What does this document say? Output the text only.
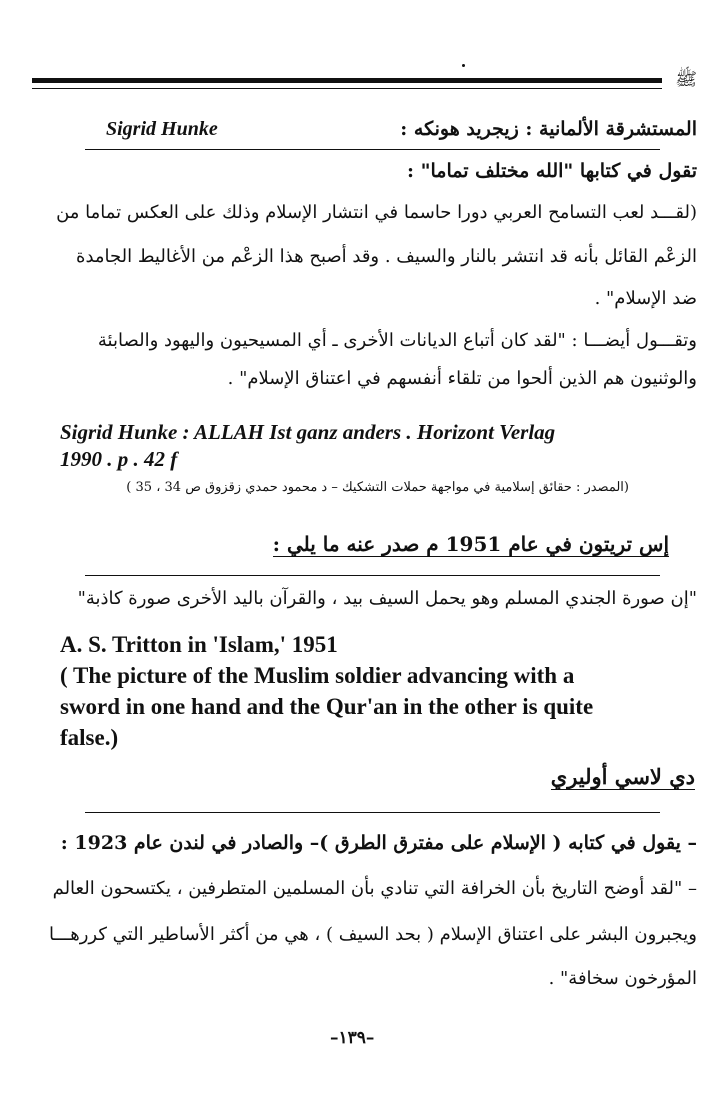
ﷺ
Sigrid Hunke	المستشرقة الألمانية : زيجريد هونكه :
تقول في كتابها "الله مختلف تماما" :
(لقـــد لعب التسامح العربي دورا حاسما في انتشار الإسلام وذلك على العكس تماما من
الزعْم القائل بأنه قد انتشر بالنار والسيف . وقد أصبح هذا الزعْم من الأغاليط الجامدة
ضد الإسلام" .
وتقـــول أيضـــا : "لقد كان أتباع الديانات الأخرى ـ أي المسيحيون واليهود والصابئة
والوثنيون هم الذين ألحوا من تلقاء أنفسهم في اعتناق الإسلام" .
Sigrid Hunke : ALLAH Ist ganz anders . Horizont Verlag
1990 . p . 42 f
(المصدر : حقائق إسلامية في مواجهة حملات التشكيك – د محمود حمدي زقزوق ص 34 ، 35 )
إس تريتون في عام 1951 م صدر عنه ما يلي :
"إن صورة الجندي المسلم وهو يحمل السيف بيد ، والقرآن باليد الأخرى صورة كاذبة"
A. S. Tritton in 'Islam,' 1951
( The picture of the Muslim soldier advancing with a
sword in one hand and the Qur'an in the other is quite
false.)
دي لاسي أوليري
– يقول في كتابه ( الإسلام على مفترق الطرق )– والصادر في لندن عام 1923 :
– "لقد أوضح التاريخ بأن الخرافة التي تنادي بأن المسلمين المتطرفين ، يكتسحون العالم
ويجبرون البشر على اعتناق الإسلام ( بحد السيف ) ، هي من أكثر الأساطير التي كررهـــا
المؤرخون سخافة" .
–١٣٩–
